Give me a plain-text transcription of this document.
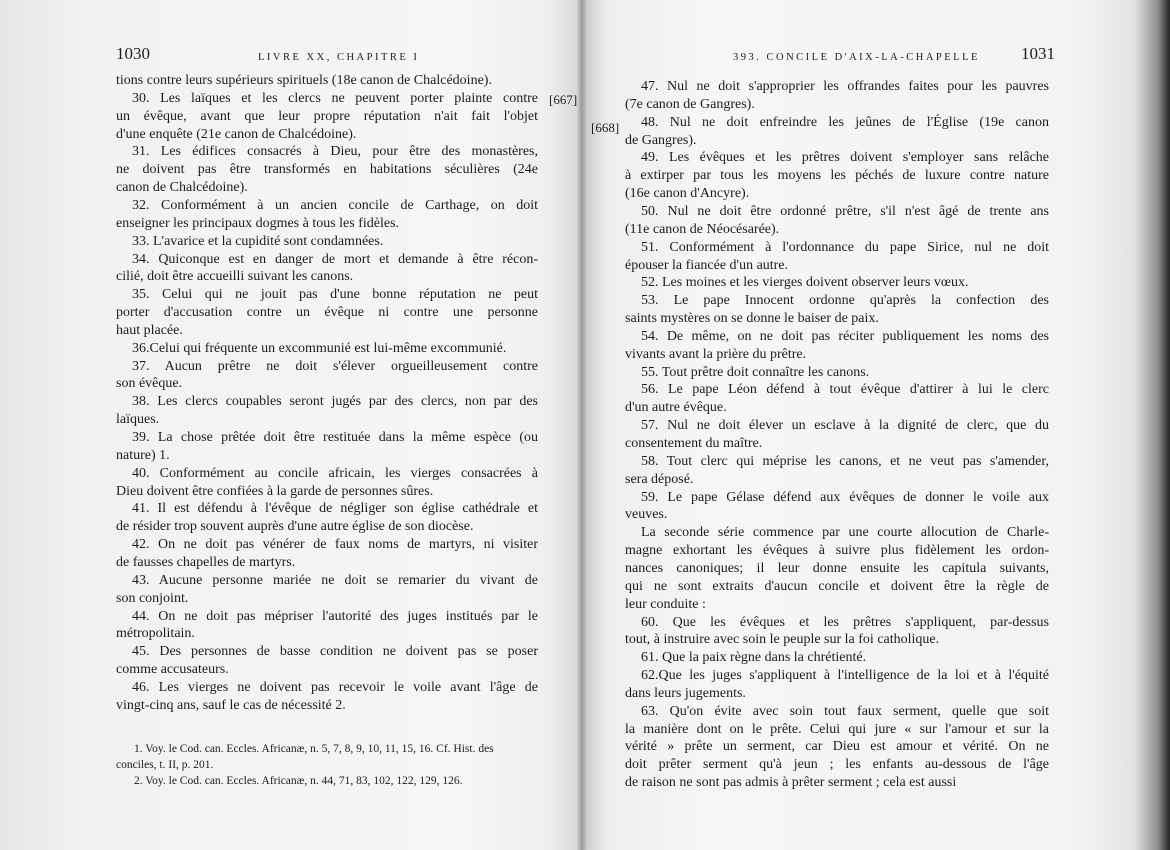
1030	LIVRE XX, CHAPITRE I
[667]
tions contre leurs supérieurs spirituels (18e canon de Chalcédoine).
30. Les laïques et les clercs ne peuvent porter plainte contre
un évêque, avant que leur propre réputation n'ait fait l'objet
d'une enquête (21e canon de Chalcédoine).
31. Les édifices consacrés à Dieu, pour être des monastères,
ne doivent pas être transformés en habitations séculières (24e
canon de Chalcédoine).
32. Conformément à un ancien concile de Carthage, on doit
enseigner les principaux dogmes à tous les fidèles.
33. L'avarice et la cupidité sont condamnées.
34. Quiconque est en danger de mort et demande à être récon-
cilié, doit être accueilli suivant les canons.
35. Celui qui ne jouit pas d'une bonne réputation ne peut
porter d'accusation contre un évêque ni contre une personne
haut placée.
36.Celui qui fréquente un excommunié est lui-même excommunié.
37. Aucun prêtre ne doit s'élever orgueilleusement contre
son évêque.
38. Les clercs coupables seront jugés par des clercs, non par des
laïques.
39. La chose prêtée doit être restituée dans la même espèce (ou
nature) 1.
40. Conformément au concile africain, les vierges consacrées à
Dieu doivent être confiées à la garde de personnes sûres.
41. Il est défendu à l'évêque de négliger son église cathédrale et
de résider trop souvent auprès d'une autre église de son diocèse.
42. On ne doit pas vénérer de faux noms de martyrs, ni visiter
de fausses chapelles de martyrs.
43. Aucune personne mariée ne doit se remarier du vivant de
son conjoint.
44. On ne doit pas mépriser l'autorité des juges institués par le
métropolitain.
45. Des personnes de basse condition ne doivent pas se poser
comme accusateurs.
46. Les vierges ne doivent pas recevoir le voile avant l'âge de
vingt-cinq ans, sauf le cas de nécessité 2.
1. Voy. le Cod. can. Eccles. Africanæ, n. 5, 7, 8, 9, 10, 11, 15, 16. Cf. Hist. des
conciles, t. II, p. 201.
2. Voy. le Cod. can. Eccles. Africanæ, n. 44, 71, 83, 102, 122, 129, 126.
393. CONCILE D'AIX-LA-CHAPELLE 1031
[668]
47. Nul ne doit s'approprier les offrandes faites pour les pauvres
(7e canon de Gangres).
48. Nul ne doit enfreindre les jeûnes de l'Église (19e canon
de Gangres).
49. Les évêques et les prêtres doivent s'employer sans relâche
à extirper par tous les moyens les péchés de luxure contre nature
(16e canon d'Ancyre).
50. Nul ne doit être ordonné prêtre, s'il n'est âgé de trente ans
(11e canon de Néocésarée).
51. Conformément à l'ordonnance du pape Sirice, nul ne doit
épouser la fiancée d'un autre.
52. Les moines et les vierges doivent observer leurs vœux.
53. Le pape Innocent ordonne qu'après la confection des
saints mystères on se donne le baiser de paix.
54. De même, on ne doit pas réciter publiquement les noms des
vivants avant la prière du prêtre.
55. Tout prêtre doit connaître les canons.
56. Le pape Léon défend à tout évêque d'attirer à lui le clerc
d'un autre évêque.
57. Nul ne doit élever un esclave à la dignité de clerc, que du
consentement du maître.
58. Tout clerc qui méprise les canons, et ne veut pas s'amender,
sera déposé.
59. Le pape Gélase défend aux évêques de donner le voile aux
veuves.
La seconde série commence par une courte allocution de Charle-
magne exhortant les évêques à suivre plus fidèlement les ordon-
nances canoniques; il leur donne ensuite les capitula suivants,
qui ne sont extraits d'aucun concile et doivent être la règle de
leur conduite :
60. Que les évêques et les prêtres s'appliquent, par-dessus
tout, à instruire avec soin le peuple sur la foi catholique.
61. Que la paix règne dans la chrétienté.
62.Que les juges s'appliquent à l'intelligence de la loi et à l'équité
dans leurs jugements.
63. Qu'on évite avec soin tout faux serment, quelle que soit
la manière dont on le prête. Celui qui jure « sur l'amour et sur la
vérité » prête un serment, car Dieu est amour et vérité. On ne
doit prêter serment qu'à jeun ; les enfants au-dessous de l'âge
de raison ne sont pas admis à prêter serment ; cela est aussi
